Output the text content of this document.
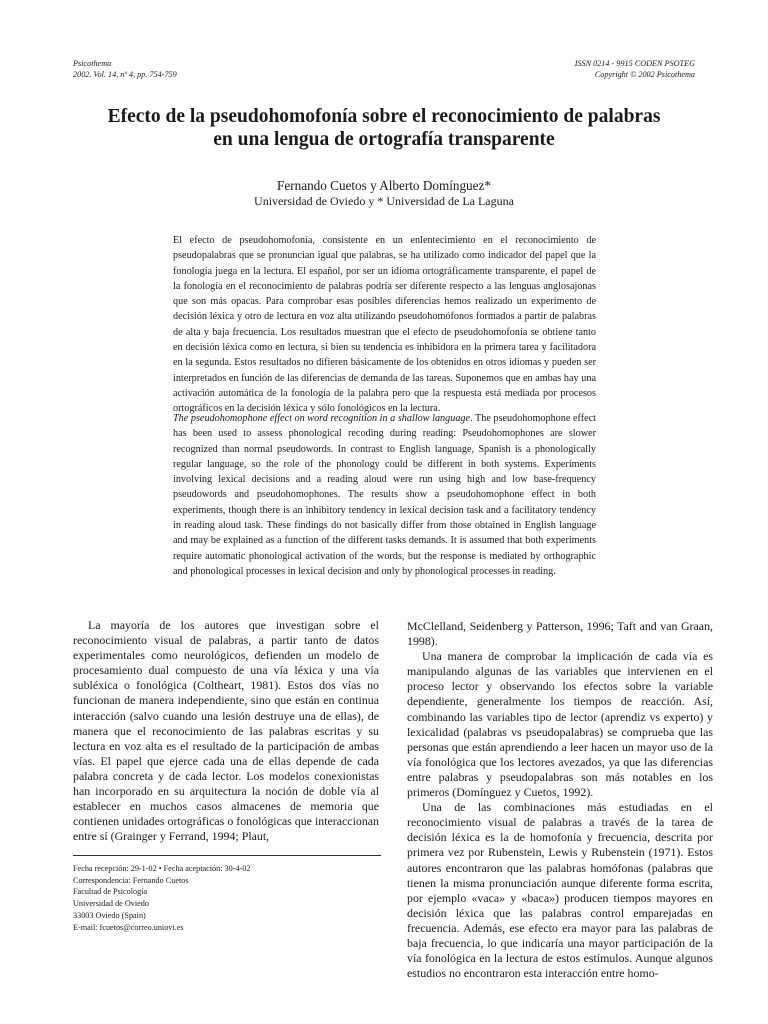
Psicothema
2002. Vol. 14, nº 4, pp. 754-759
ISSN 0214 - 9915 CODEN PSOTEG
Copyright © 2002 Psicothema
Efecto de la pseudohomofonía sobre el reconocimiento de palabras
en una lengua de ortografía transparente
Fernando Cuetos y Alberto Domínguez*
Universidad de Oviedo y * Universidad de La Laguna

El efecto de pseudohomofonía, consistente en un enlentecimiento en el reconocimiento de pseudopalabras que se pronuncian igual que palabras, se ha utilizado como indicador del papel que la fonología juega en la lectura. El español, por ser un idioma ortográficamente transparente, el papel de la fonología en el reconocimiento de palabras podría ser diferente respecto a las lenguas anglosajonas que son más opacas. Para comprobar esas posibles diferencias hemos realizado un experimento de decisión léxica y otro de lectura en voz alta utilizando pseudohomófonos formados a partir de palabras de alta y baja frecuencia. Los resultados muestran que el efecto de pseudohomofonía se obtiene tanto en decisión léxica como en lectura, si bien su tendencia es inhibidora en la primera tarea y facilitadora en la segunda. Estos resultados no difieren básicamente de los obtenidos en otros idiomas y pueden ser interpretados en función de las diferencias de demanda de las tareas. Suponemos que en ambas hay una activación automática de la fonología de la palabra pero que la respuesta está mediada por procesos ortográficos en la decisión léxica y sólo fonológicos en la lectura.

The pseudohomophone effect on word recognition in a shallow language. The pseudohomophone effect has been used to assess phonological recoding during reading: Pseudohomophones are slower recognized than normal pseudowords. In contrast to English language, Spanish is a phonologically regular language, so the role of the phonology could be different in both systems. Experiments involving lexical decisions and a reading aloud were run using high and low base-frequency pseudowords and pseudohomophones. The results show a pseudohomophone effect in both experiments, though there is an inhibitory tendency in lexical decision task and a facilitatory tendency in reading aloud task. These findings do not basically differ from those obtained in English language and may be explained as a function of the different tasks demands. It is assumed that both experiments require automatic phonological activation of the words, but the response is mediated by orthographic and phonological processes in lexical decision and only by phonological processes in reading.

La mayoría de los autores que investigan sobre el reconocimiento visual de palabras, a partir tanto de datos experimentales como neurológicos, defienden un modelo de procesamiento dual compuesto de una vía léxica y una vía subléxica o fonológica (Coltheart, 1981). Estos dos vías no funcionan de manera independiente, sino que están en continua interacción (salvo cuando una lesión destruye una de ellas), de manera que el reconocimiento de las palabras escritas y su lectura en voz alta es el resultado de la participación de ambas vías. El papel que ejerce cada una de ellas depende de cada palabra concreta y de cada lector. Los modelos conexionistas han incorporado en su arquitectura la noción de doble vía al establecer en muchos casos almacenes de memoria que contienen unidades ortográficas o fonológicas que interaccionan entre sí (Grainger y Ferrand, 1994; Plaut,

Fecha recepción: 29-1-02 • Fecha aceptación: 30-4-02
Correspondencia: Fernando Cuetos
Facultad de Psicología
Universidad de Oviedo
33003 Oviedo (Spain)
E-mail: fcuetos@correo.uniovi.es

McClelland, Seidenberg y Patterson, 1996; Taft and van Graan, 1998).

Una manera de comprobar la implicación de cada vía es manipulando algunas de las variables que intervienen en el proceso lector y observando los efectos sobre la variable dependiente, generalmente los tiempos de reacción. Así, combinando las variables tipo de lector (aprendiz vs experto) y lexicalidad (palabras vs pseudopalabras) se comprueba que las personas que están aprendiendo a leer hacen un mayor uso de la vía fonológica que los lectores avezados, ya que las diferencias entre palabras y pseudopalabras son más notables en los primeros (Domínguez y Cuetos, 1992).

Una de las combinaciones más estudiadas en el reconocimiento visual de palabras a través de la tarea de decisión léxica es la de homofonía y frecuencia, descrita por primera vez por Rubenstein, Lewis y Rubenstein (1971). Estos autores encontraron que las palabras homófonas (palabras que tienen la misma pronunciación aunque diferente forma escrita, por ejemplo «vaca» y «baca») producen tiempos mayores en decisión léxica que las palabras control emparejadas en frecuencia. Además, ese efecto era mayor para las palabras de baja frecuencia, lo que indicaría una mayor participación de la vía fonológica en la lectura de estos estímulos. Aunque algunos estudios no encontraron esta interacción entre homo-
